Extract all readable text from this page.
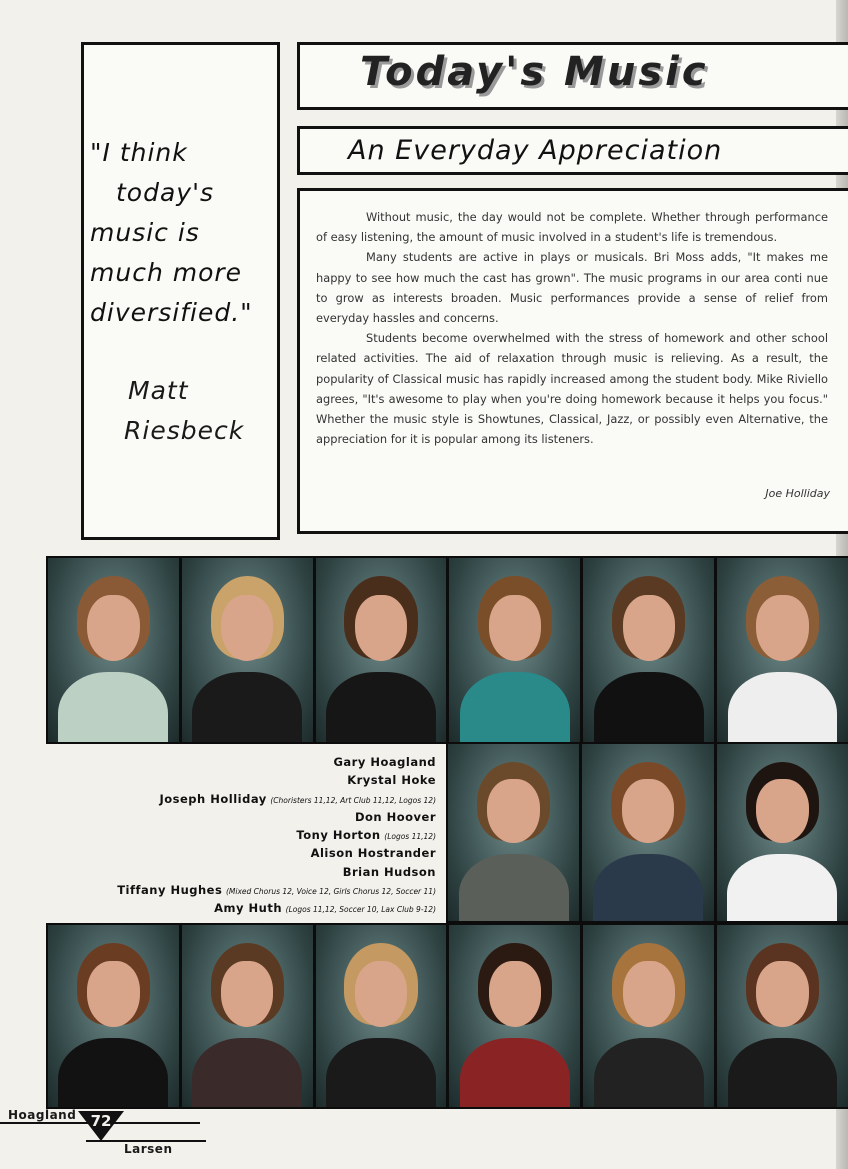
"I think
today's
music is
much more
diversified."
Matt
Riesbeck
Today's Music
An Everyday Appreciation

Without music, the day would not be complete. Whether through performance of easy listening, the amount of music involved in a student's life is tremendous.

Many students are active in plays or musicals. Bri Moss adds, "It makes me happy to see how much the cast has grown". The music programs in our area conti nue to grow as interests broaden. Music performances provide a sense of relief from everyday hassles and concerns.

Students become overwhelmed with the stress of homework and other school related activities. The aid of relaxation through music is relieving. As a result, the popularity of Classical music has rapidly increased among the student body. Mike Riviello agrees, "It's awesome to play when you're doing homework because it helps you focus." Whether the music style is Showtunes, Classical, Jazz, or possibly even Alternative, the appreciation for it is popular among its listeners.

Joe Holliday
Gary Hoagland
Krystal Hoke
Joseph Holliday (Choristers 11,12, Art Club 11,12, Logos 12)
Don Hoover
Tony Horton (Logos 11,12)
Alison Hostrander
Brian Hudson
Tiffany Hughes (Mixed Chorus 12, Voice 12, Girls Chorus 12, Soccer 11)
Amy Huth (Logos 11,12, Soccer 10, Lax Club 9-12)
Hoagland 72
Larsen
